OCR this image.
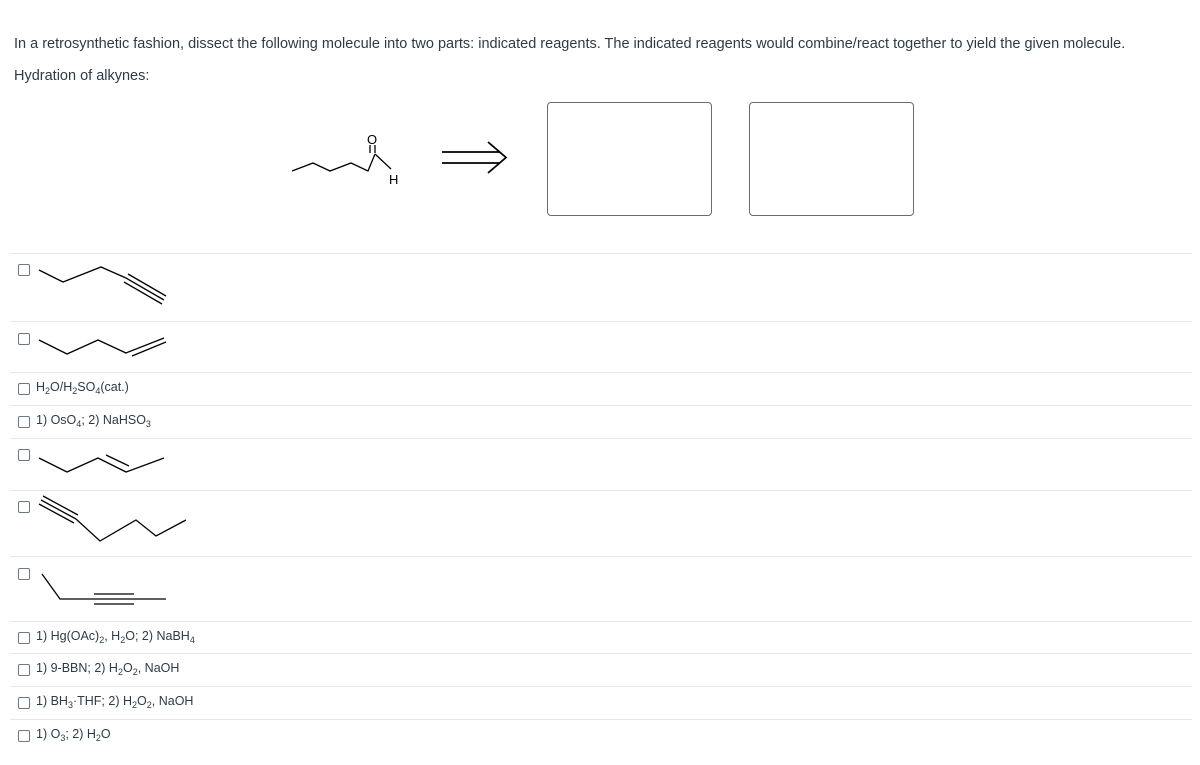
In a retrosynthetic fashion, dissect the following molecule into two parts: indicated reagents. The indicated reagents would combine/react together to yield the given molecule.

Hydration of alkynes:

O
H
$H_2O/H_2SO_4(cat.)$
1) OsO$_4$; 2) NaHSO$_3$
1) $Hg(OAc)_2$, $H_2O$; 2) NaBH$_4$
1) 9-BBN; 2) $H_2O_2$, NaOH
1) $BH_3\cdot THF$; 2) $H_2O_2$, NaOH
1) $O_3$; 2) $H_2O$
